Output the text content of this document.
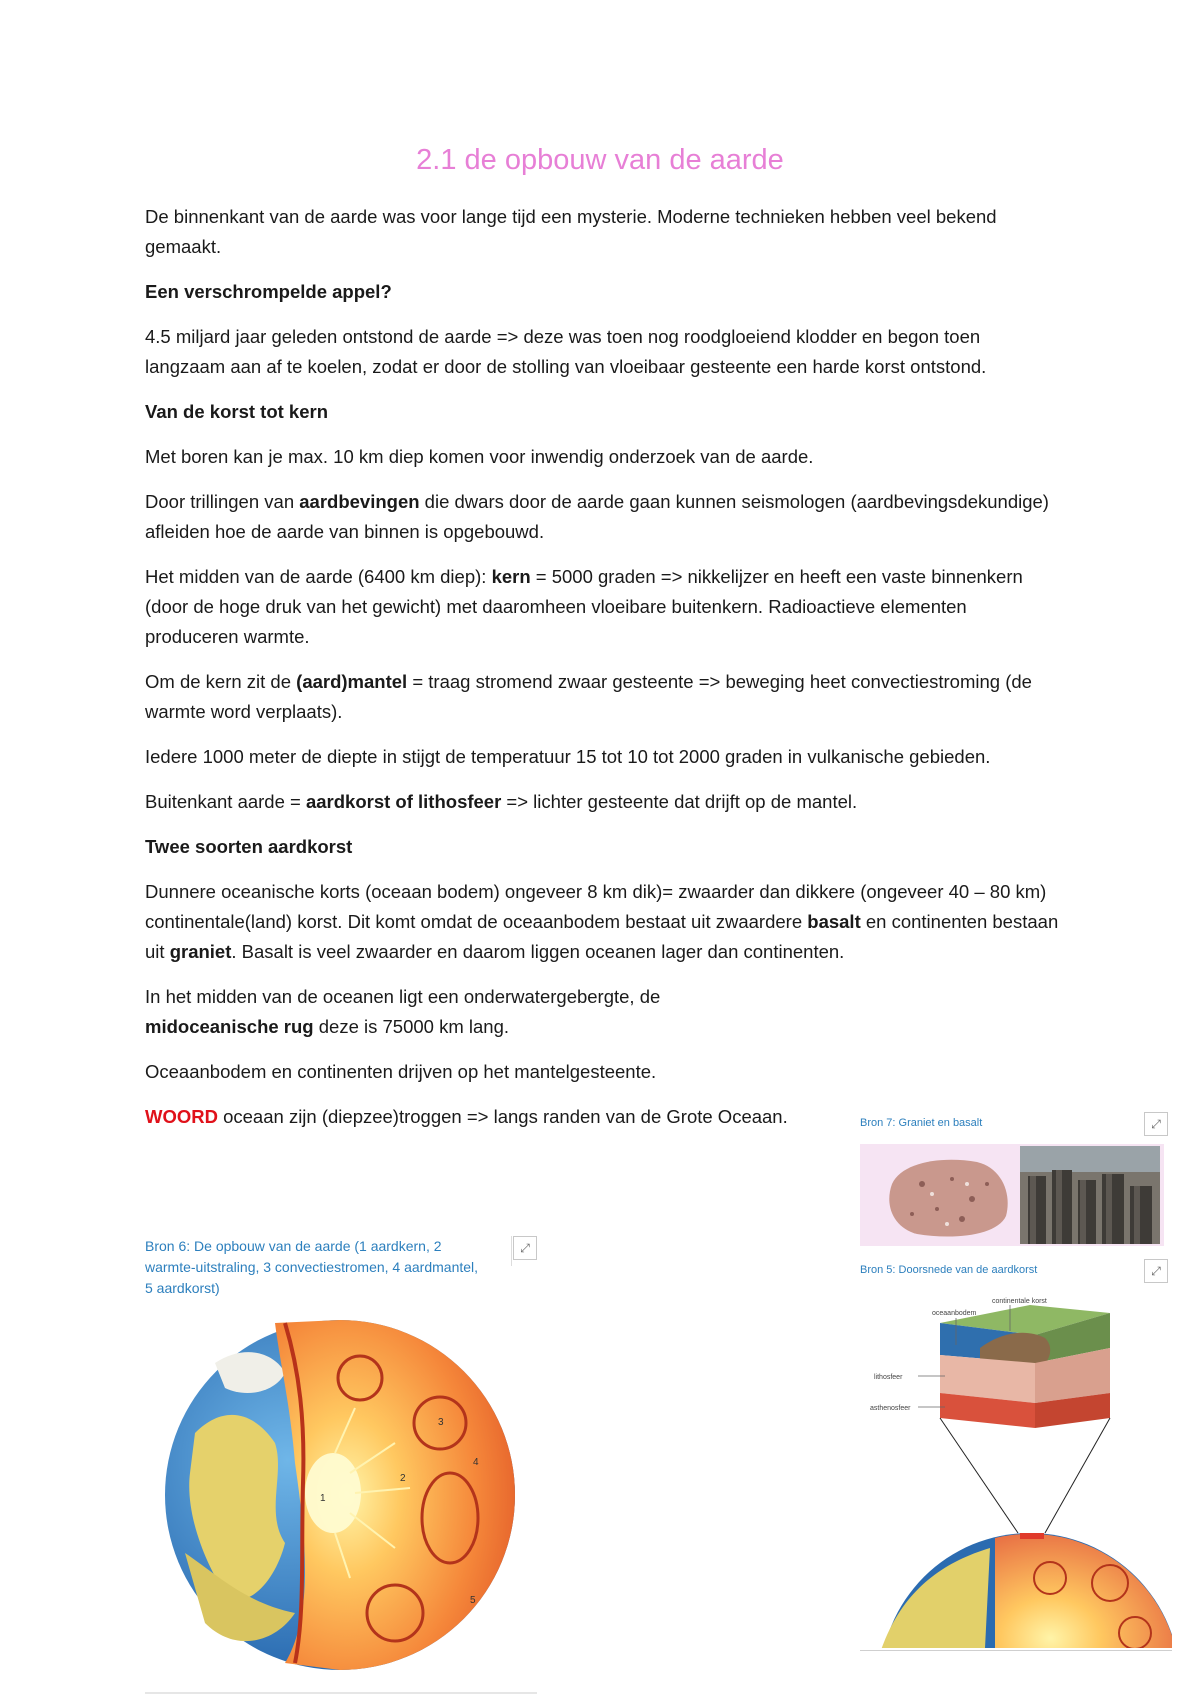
2.1 de opbouw van de aarde

De binnenkant van de aarde was voor lange tijd een mysterie. Moderne technieken hebben veel bekend gemaakt.

Een verschrompelde appel?

4.5 miljard jaar geleden ontstond de aarde => deze was toen nog roodgloeiend klodder en begon toen langzaam aan af te koelen, zodat er door de stolling van vloeibaar gesteente een harde korst ontstond.

Van de korst tot kern

Met boren kan je max. 10 km diep komen voor inwendig onderzoek van de aarde.

Door trillingen van aardbevingen die dwars door de aarde gaan kunnen seismologen (aardbevingsdekundige) afleiden hoe de aarde van binnen is opgebouwd.

Het midden van de aarde (6400 km diep): kern = 5000 graden => nikkelijzer en heeft een vaste binnenkern (door de hoge druk van het gewicht) met daaromheen vloeibare buitenkern. Radioactieve elementen produceren warmte.

Om de kern zit de (aard)mantel = traag stromend zwaar gesteente => beweging heet convectiestroming (de warmte word verplaats).

Iedere 1000 meter de diepte in stijgt de temperatuur 15 tot 10 tot 2000 graden in vulkanische gebieden.

Buitenkant aarde = aardkorst of lithosfeer => lichter gesteente dat drijft op de mantel.

Twee soorten aardkorst

Dunnere oceanische korts (oceaan bodem) ongeveer 8 km dik)= zwaarder dan dikkere (ongeveer 40 – 80 km) continentale(land) korst. Dit komt omdat de oceaanbodem bestaat uit zwaardere basalt en continenten bestaan uit graniet. Basalt is veel zwaarder en daarom liggen oceanen lager dan continenten.

In het midden van de oceanen ligt een onderwatergebergte, de midoceanische rug deze is 75000 km lang.

Oceaanbodem en continenten drijven op het mantelgesteente.

WOORD oceaan zijn (diepzee)troggen => langs randen van de Grote Oceaan.

Bron 6: De opbouw van de aarde (1 aardkern, 2 warmte-uitstraling, 3 convectiestromen, 4 aardmantel, 5 aardkorst)

⤢
1
2
3
4
5

Bron 7: Graniet en basalt	⤢

Bron 5: Doorsnede van de aardkorst	⤢
continentale korst
oceaanbodem
lithosfeer
asthenosfeer
